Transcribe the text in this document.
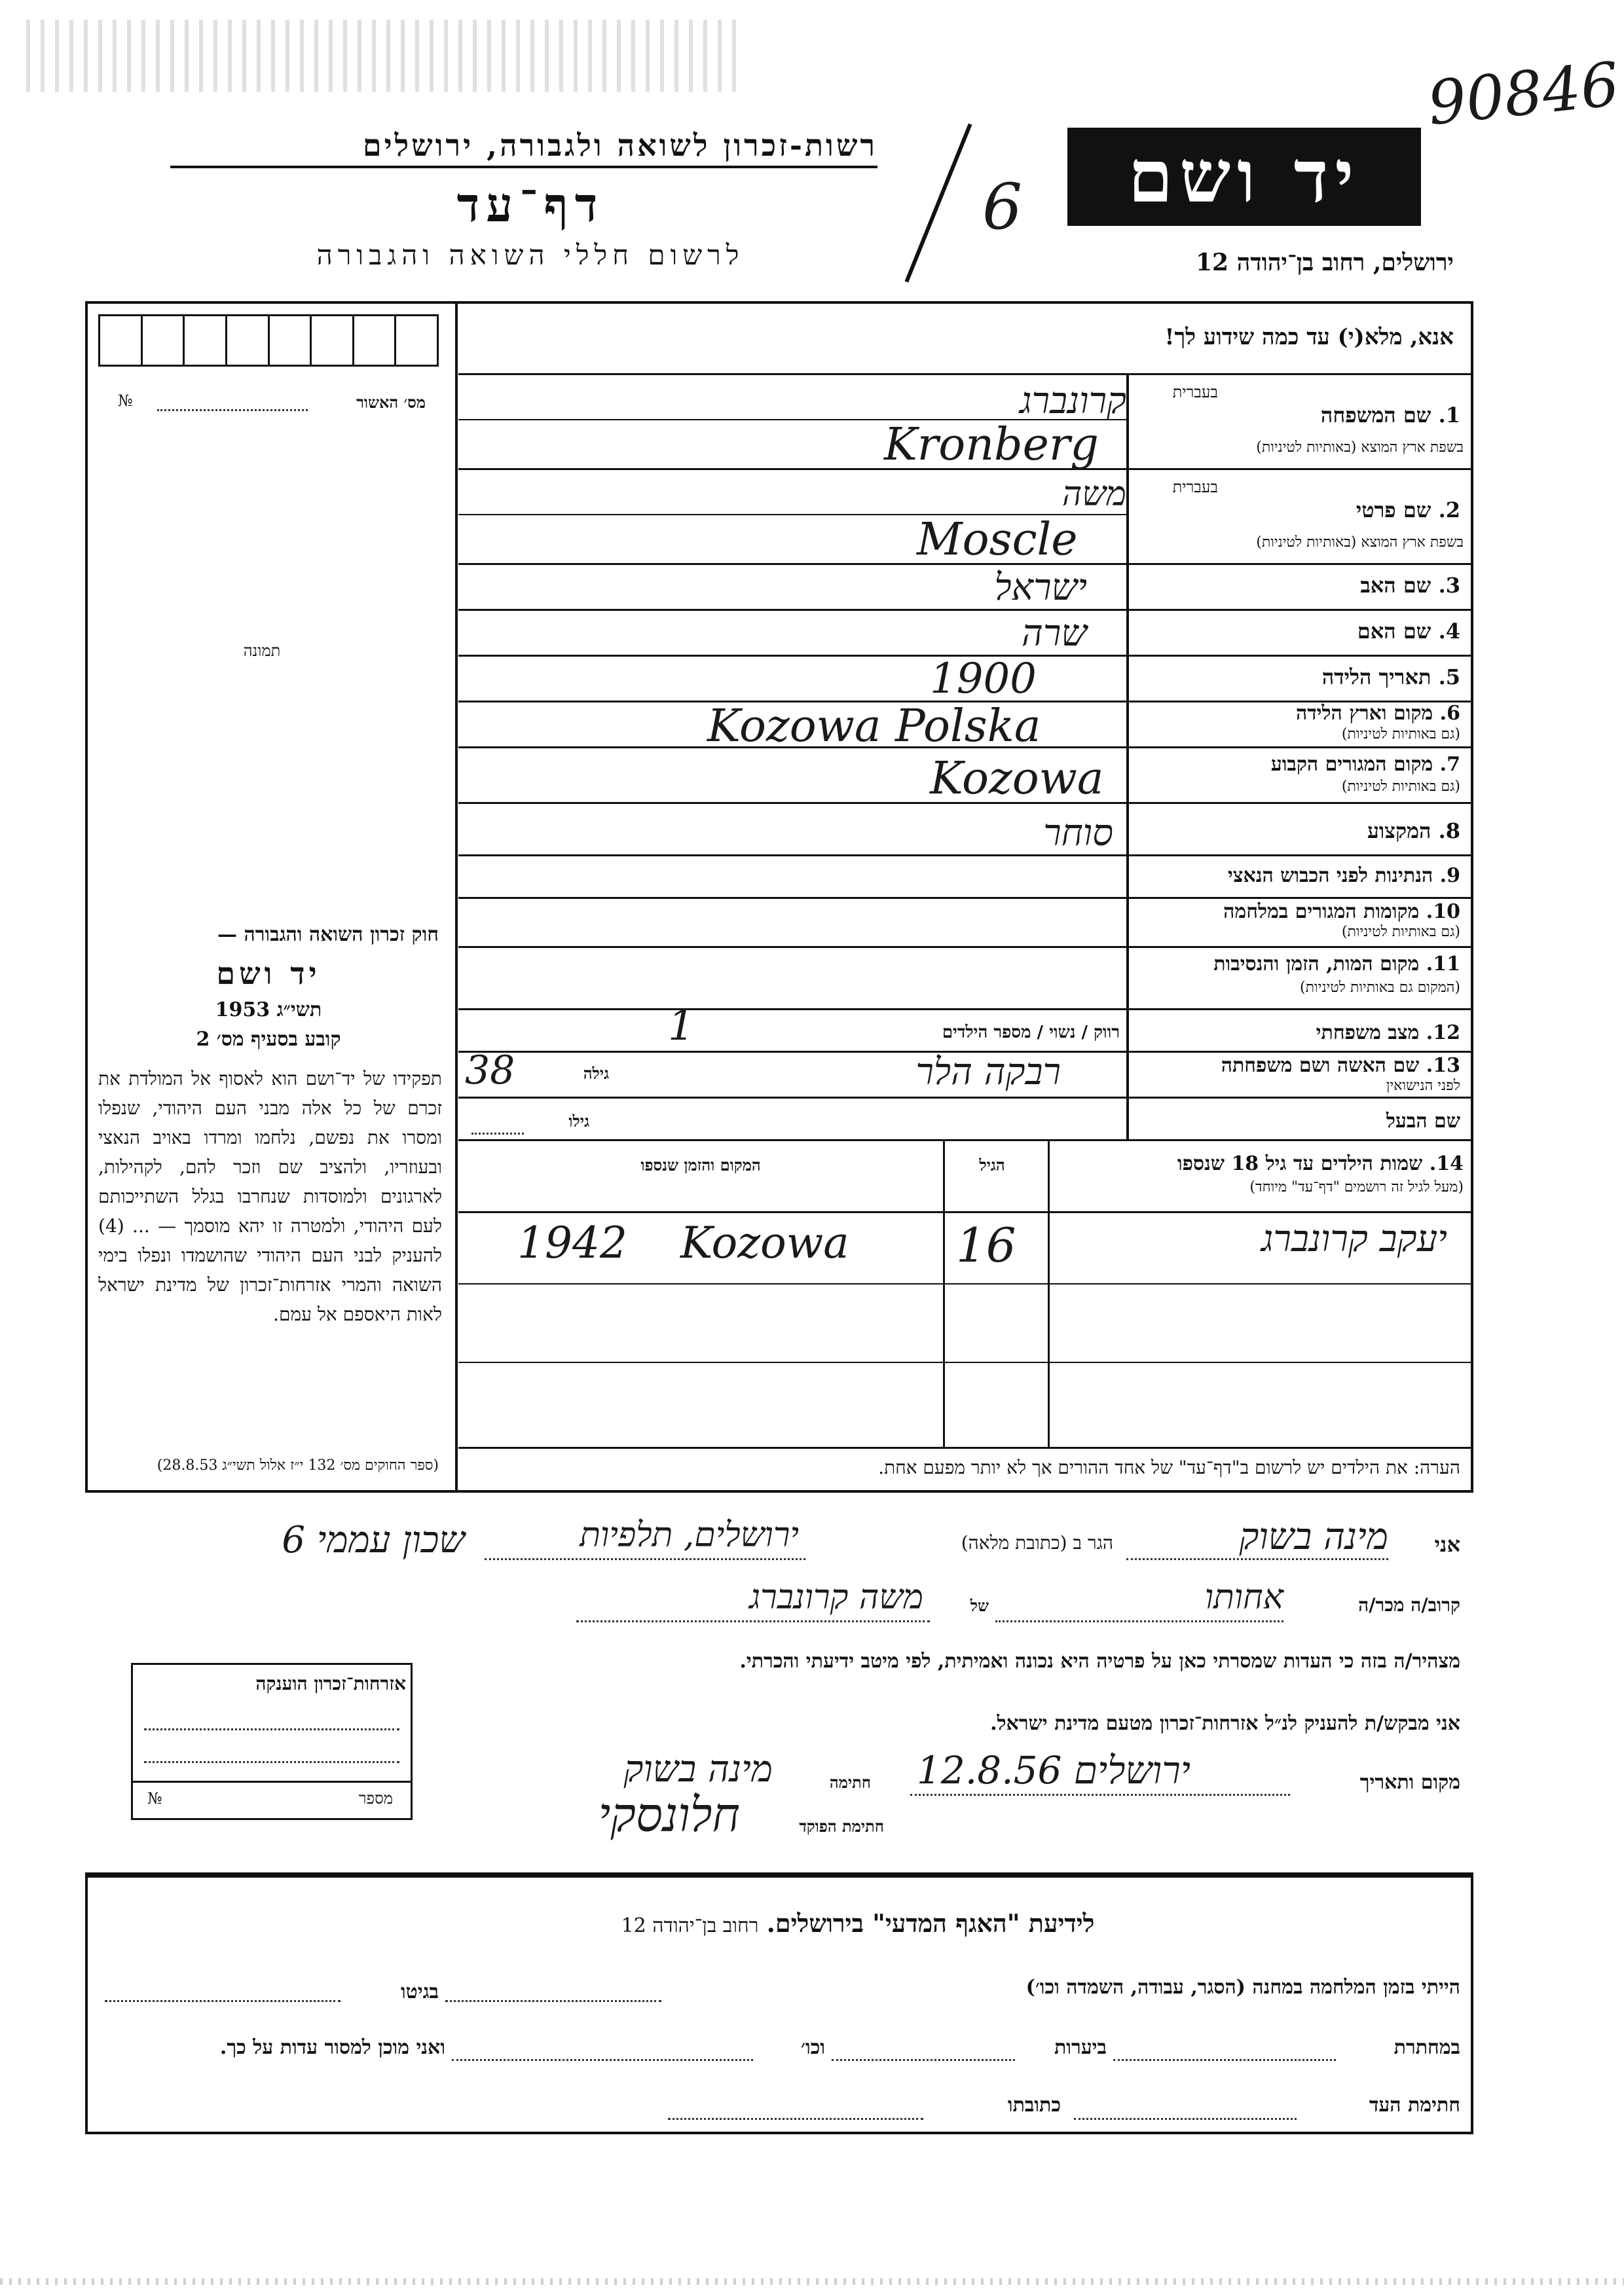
90846
רשות-זכרון לשואה ולגבורה, ירושלים
דף־עד
לרשום חללי השואה והגבורה
6	יד ושם
ירושלים, רחוב בן־יהודה 12
מס׳ האשור
№
תמונה
אנא, מלא(י) עד כמה שידוע לך!
בעברית
1. שם המשפחה
בשפת ארץ המוצא (באותיות לטיניות)
קרונברג
Kronberg
בעברית
2. שם פרטי
בשפת ארץ המוצא (באותיות לטיניות)
משה
Moscle
3. שם האב
ישראל
4. שם האם
שרה
5. תאריך הלידה
1900
6. מקום וארץ הלידה
(גם באותיות לטיניות)
Kozowa Polska
7. מקום המגורים הקבוע
(גם באותיות לטיניות)
Kozowa
8. המקצוע
סוחר
9. הנתינות לפני הכבוש הנאצי
10. מקומות המגורים במלחמה
(גם באותיות לטיניות)
11. מקום המות, הזמן והנסיבות
(המקום גם באותיות לטיניות)
12. מצב משפחתי
רווק / נשוי / מספר הילדים
1
13. שם האשה ושם משפחתה
לפני הנישואין
רבקה הלר
גילה
38
שם הבעל
גילו
14. שמות הילדים עד גיל 18 שנספו
(מעל לגיל זה רושמים "דף־עד" מיוחד)
הגיל
המקום והזמן שנספו
יעקב קרונברג
16
1942 Kozowa
הערה: את הילדים יש לרשום ב"דף־עד" של אחד ההורים אך לא יותר מפעם אחת.
חוק זכרון השואה והגבורה —
יד ושם
תשי״ג 1953
קובע בסעיף מס׳ 2
תפקידו של יד־ושם הוא לאסוף אל המולדת את זכרם של כל אלה מבני העם היהודי, שנפלו ומסרו את נפשם, נלחמו ומרדו באויב הנאצי ובעוזריו, ולהציב שם וזכר להם, לקהילות, לארגונים ולמוסדות שנחרבו בגלל השתייכותם לעם היהודי, ולמטרה זו יהא מוסמך — ... (4) להעניק לבני העם היהודי שהושמדו ונפלו בימי השואה והמרי אזרחות־זכרון של מדינת ישראל לאות היאספם אל עמם.
(ספר החוקים מס׳ 132 י״ז אלול תשי״ג 28.8.53)
אני
מינה בשוק
הגר ב (כתובת מלאה)
ירושלים, תלפיות
שכון עממי 6
קרוב/ה מכר/ה
אחותו
של
משה קרונברג
מצהיר/ה בזה כי העדות שמסרתי כאן על פרטיה היא נכונה ואמיתית, לפי מיטב ידיעתי והכרתי.
אני מבקש/ת להעניק לנ״ל אזרחות־זכרון מטעם מדינת ישראל.
מקום ותאריך
ירושלים 12.8.56
חתימה
מינה בשוק
חתימת הפוקד
חלונסקי
אזרחות־זכרון הוענקה
מספר
№
לידיעת "האגף המדעי" בירושלים. רחוב בן־יהודה 12
הייתי בזמן המלחמה במחנה (הסגר, עבודה, השמדה וכו׳)
בגיטו
במחתרת
ביערות
וכו׳
ואני מוכן למסור עדות על כך.
חתימת העד
כתובתו
